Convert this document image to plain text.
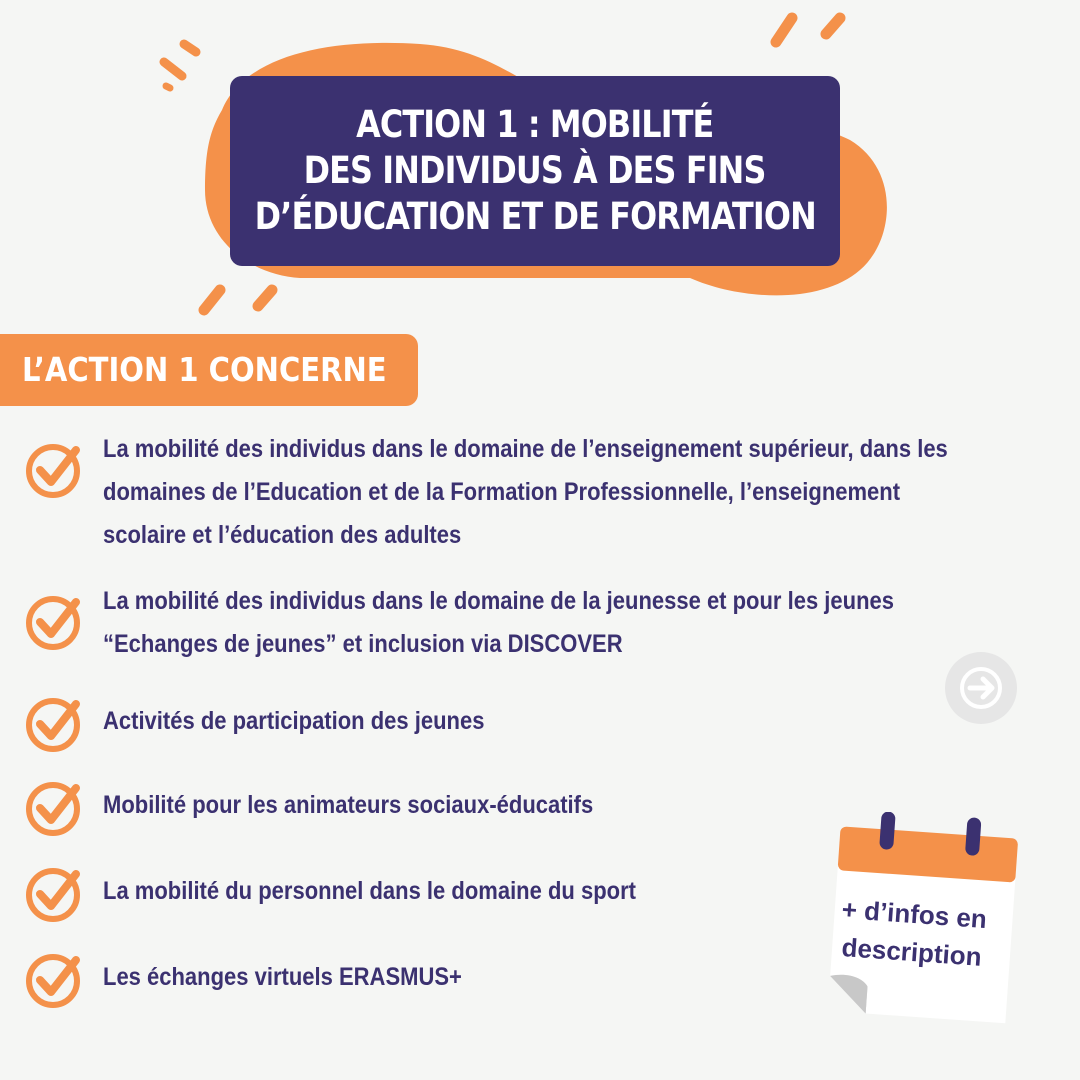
ACTION 1 : MOBILITÉ
DES INDIVIDUS À DES FINS
D’ÉDUCATION ET DE FORMATION
L’ACTION 1 CONCERNE
La mobilité des individus dans le domaine de l’enseignement supérieur, dans les domaines de l’Education et de la Formation Professionnelle, l’enseignement scolaire et l’éducation des adultes
La mobilité des individus dans le domaine de la jeunesse et pour les jeunes “Echanges de jeunes” et inclusion via DISCOVER
Activités de participation des jeunes
Mobilité pour les animateurs sociaux-éducatifs
La mobilité du personnel dans le domaine du sport
Les échanges virtuels ERASMUS+
+ d’infos en description
